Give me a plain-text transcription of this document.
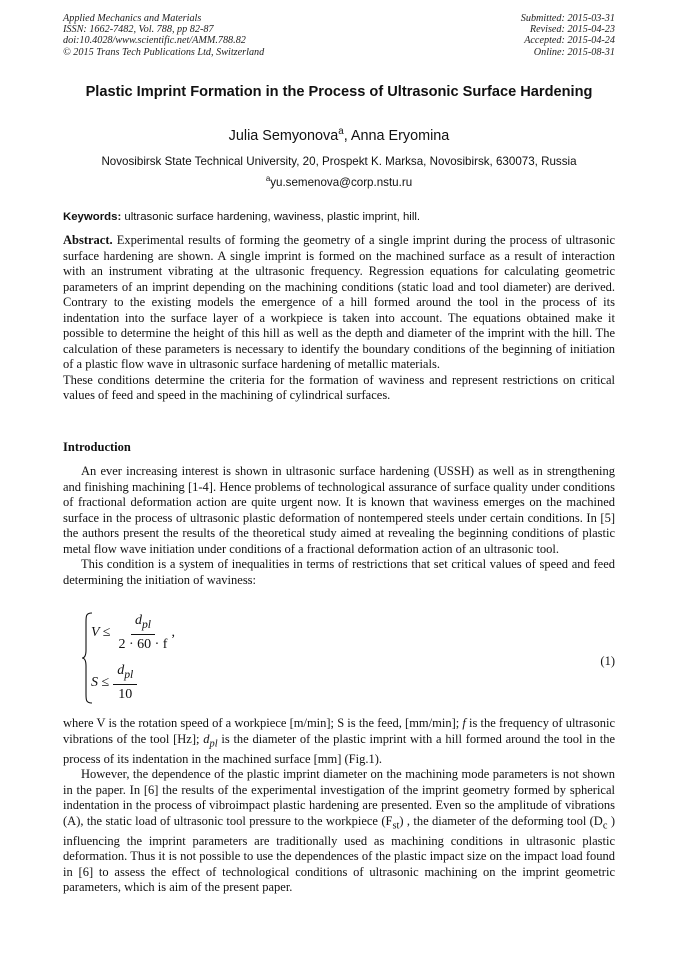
Applied Mechanics and Materials
ISSN: 1662-7482, Vol. 788, pp 82-87
doi:10.4028/www.scientific.net/AMM.788.82
© 2015 Trans Tech Publications Ltd, Switzerland
Submitted: 2015-03-31
Revised: 2015-04-23
Accepted: 2015-04-24
Online: 2015-08-31
Plastic Imprint Formation in the Process of Ultrasonic Surface Hardening
Julia Semyonova$^a$, Anna Eryomina
Novosibirsk State Technical University, 20, Prospekt K. Marksa, Novosibirsk, 630073, Russia
$^a$yu.semenova@corp.nstu.ru
Keywords: ultrasonic surface hardening, waviness, plastic imprint, hill.

Abstract. Experimental results of forming the geometry of a single imprint during the process of ultrasonic surface hardening are shown. A single imprint is formed on the machined surface as a result of interaction with an instrument vibrating at the ultrasonic frequency. Regression equations for calculating geometric parameters of an imprint depending on the machining conditions (static load and tool diameter) are derived. Contrary to the existing models the emergence of a hill formed around the tool in the process of its indentation into the surface layer of a workpiece is taken into account. The equations obtained make it possible to determine the height of this hill as well as the depth and diameter of the imprint with the hill. The calculation of these parameters is necessary to identify the boundary conditions of the beginning of initiation of a plastic flow wave in ultrasonic surface hardening of metallic materials.

These conditions determine the criteria for the formation of waviness and represent restrictions on critical values of feed and speed in the machining of cylindrical surfaces.

Introduction

An ever increasing interest is shown in ultrasonic surface hardening (USSH) as well as in strengthening and finishing machining [1-4]. Hence problems of technological assurance of surface quality under conditions of fractional deformation action are quite urgent now. It is known that waviness emerges on the machined surface in the process of ultrasonic plastic deformation of nontempered steels under certain conditions. In [5] the authors present the results of the theoretical study aimed at revealing the beginning conditions of plastic metal flow wave initiation under conditions of a fractional deformation action of an ultrasonic tool.

This condition is a system of inequalities in terms of restrictions that set critical values of speed and feed determining the initiation of waviness:

$V \le \frac{d_{pl}}{2 \cdot 60 \cdot f}$ ,
$S \le \frac{d_{pl}}{10}$
(1)

where V is the rotation speed of a workpiece [m/min]; S is the feed, [mm/min]; f is the frequency of ultrasonic vibrations of the tool [Hz]; $d_{pl}$ is the diameter of the plastic imprint with a hill formed around the tool in the process of its indentation in the machined surface [mm] (Fig.1).

However, the dependence of the plastic imprint diameter on the machining mode parameters is not shown in the paper. In [6] the results of the experimental investigation of the imprint geometry formed by spherical indentation in the process of vibroimpact plastic hardening are presented. Even so the amplitude of vibrations (A), the static load of ultrasonic tool pressure to the workpiece $(F_{st})$ , the diameter of the deforming tool ($D_c$ ) influencing the imprint parameters are traditionally used as machining conditions in ultrasonic plastic deformation. Thus it is not possible to use the dependences of the plastic impact size on the impact load found in [6] to assess the effect of technological conditions of ultrasonic machining on the imprint geometric parameters, which is aim of the present paper.
